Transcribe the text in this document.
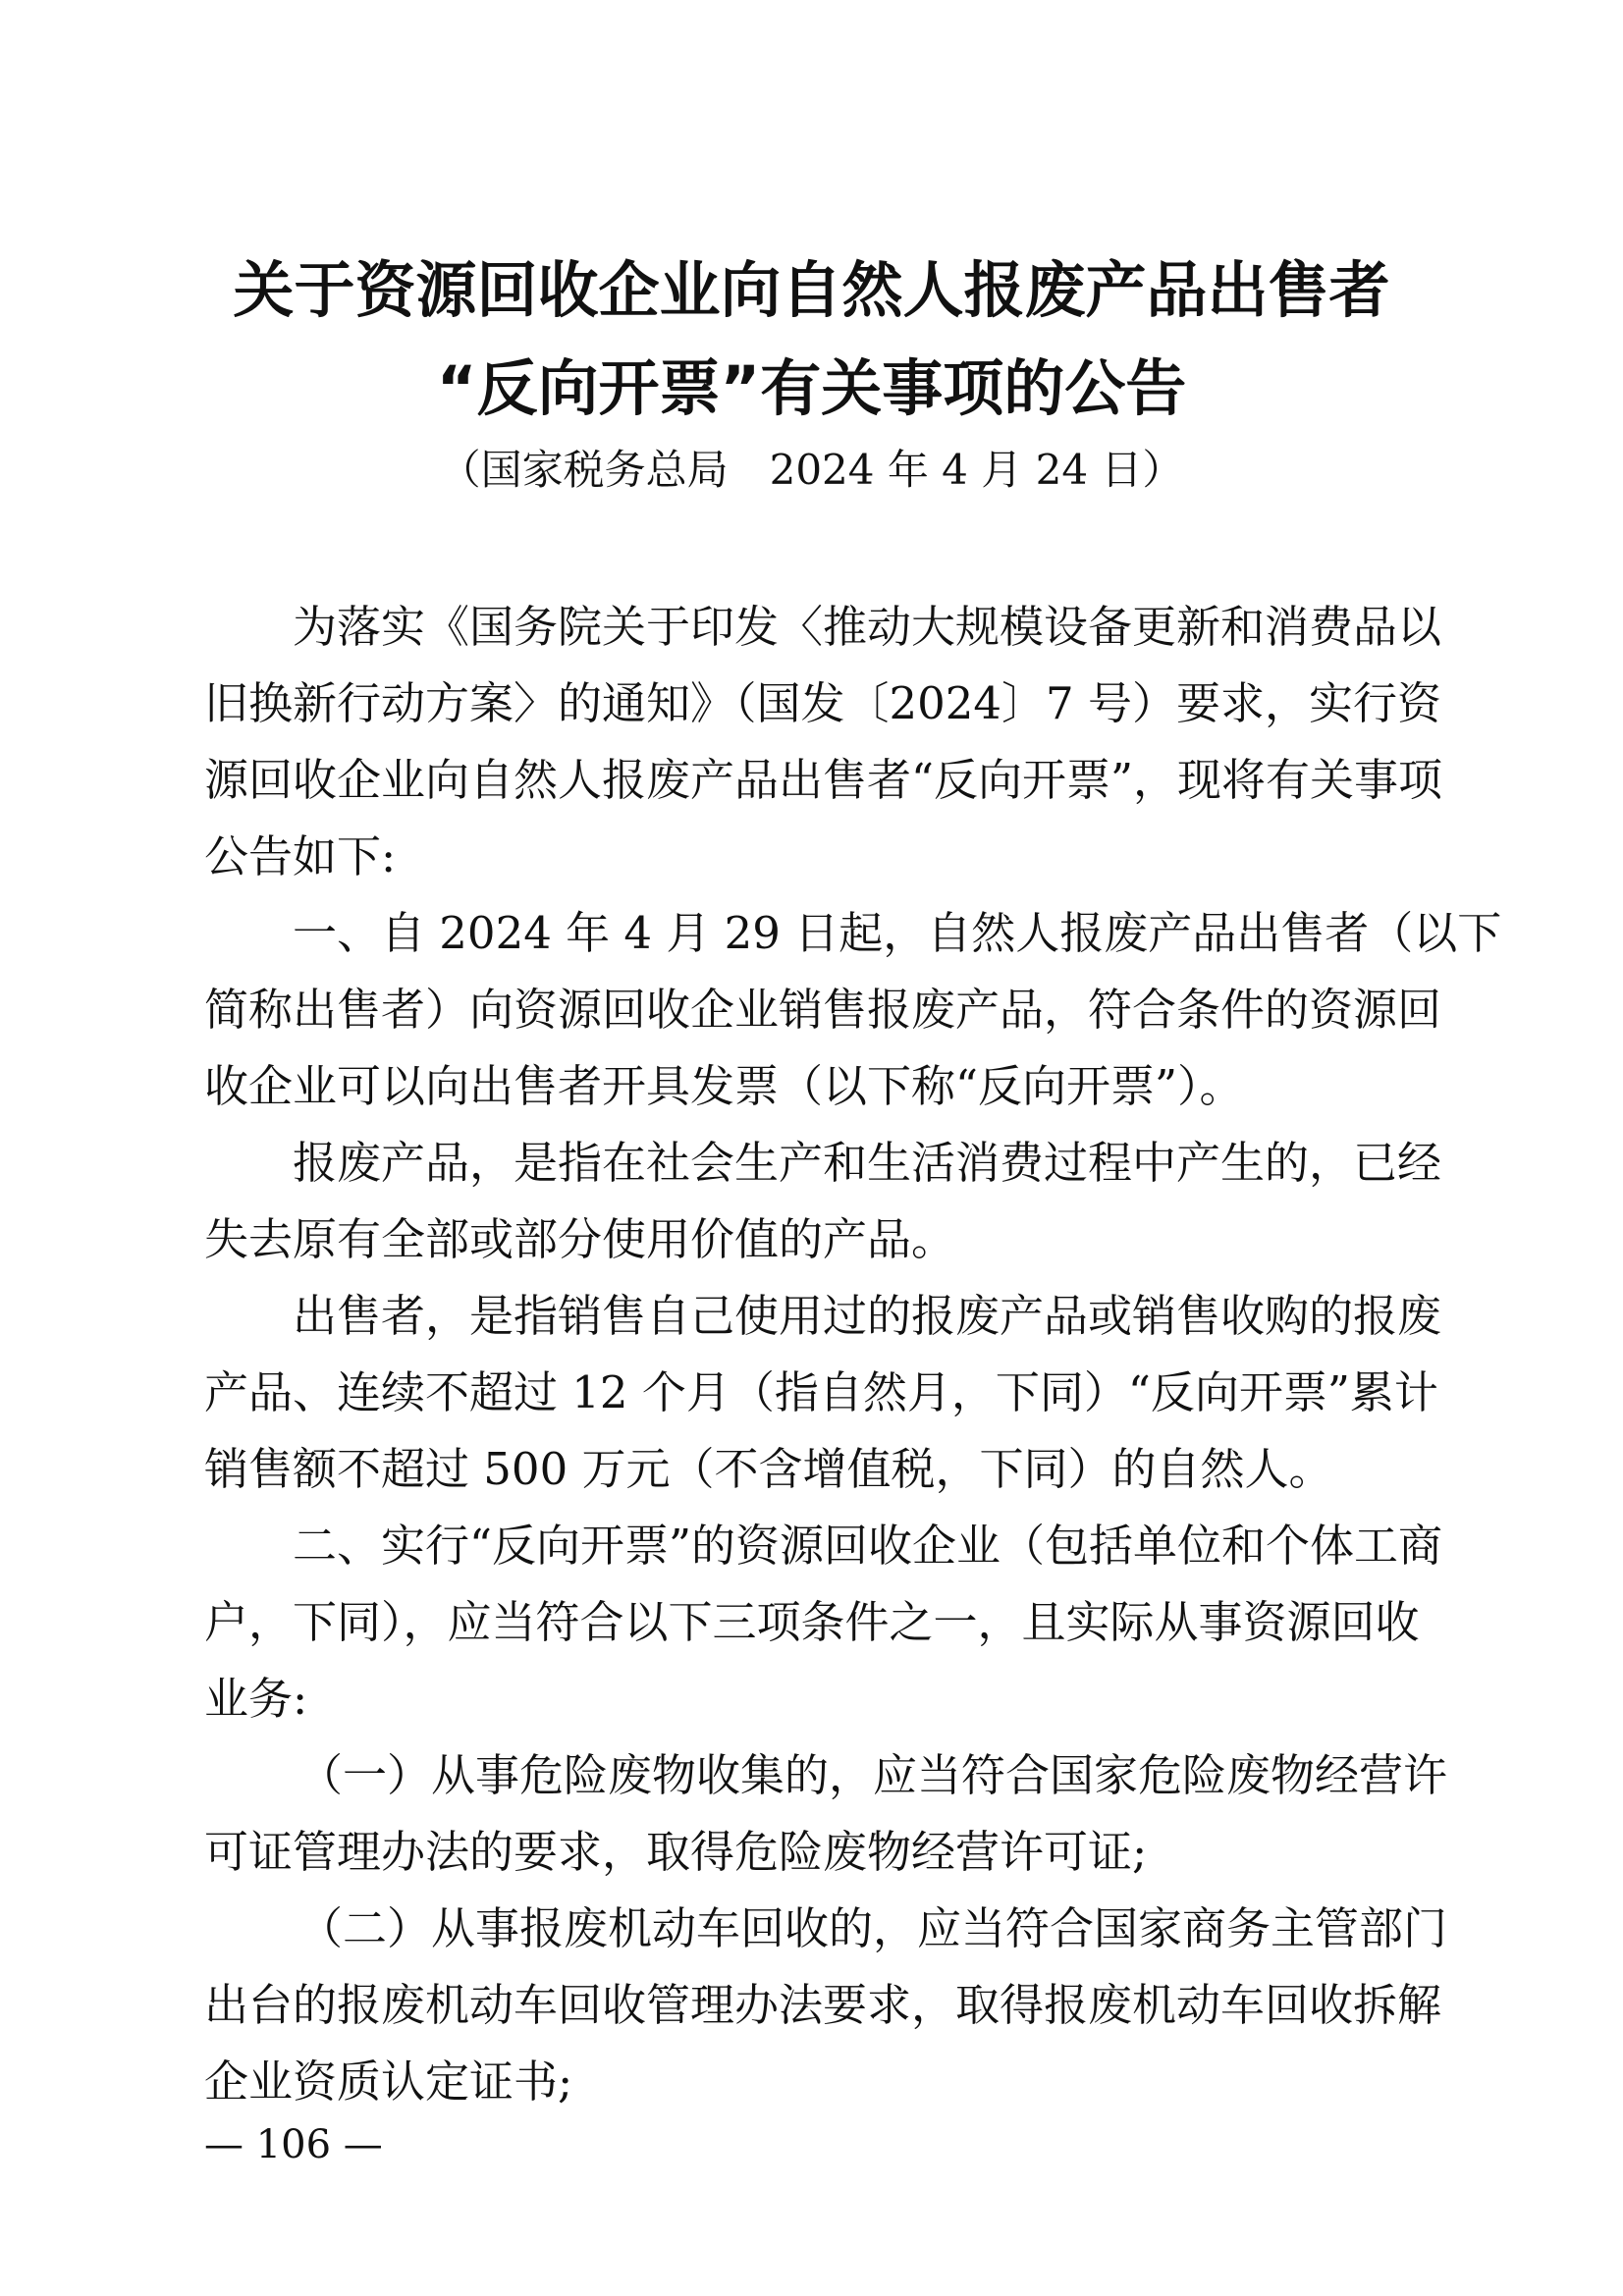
关于资源回收企业向自然人报废产品出售者
“反向开票”有关事项的公告
（国家税务总局　2024 年 4 月 24 日）
为落实《国务院关于印发〈推动大规模设备更新和消费品以
旧换新行动方案〉的通知》（国发〔2024〕7 号）要求，实行资
源回收企业向自然人报废产品出售者“反向开票”，现将有关事项
公告如下:
一、自 2024 年 4 月 29 日起，自然人报废产品出售者（以下
简称出售者）向资源回收企业销售报废产品，符合条件的资源回
收企业可以向出售者开具发票（以下称“反向开票”）。
报废产品，是指在社会生产和生活消费过程中产生的，已经
失去原有全部或部分使用价值的产品。
出售者，是指销售自己使用过的报废产品或销售收购的报废
产品、连续不超过 12 个月（指自然月，下同）“反向开票”累计
销售额不超过 500 万元（不含增值税，下同）的自然人。
二、实行“反向开票”的资源回收企业（包括单位和个体工商
户，下同），应当符合以下三项条件之一，且实际从事资源回收
业务:
（一）从事危险废物收集的，应当符合国家危险废物经营许
可证管理办法的要求，取得危险废物经营许可证;
（二）从事报废机动车回收的，应当符合国家商务主管部门
出台的报废机动车回收管理办法要求，取得报废机动车回收拆解
企业资质认定证书;
— 106 —
